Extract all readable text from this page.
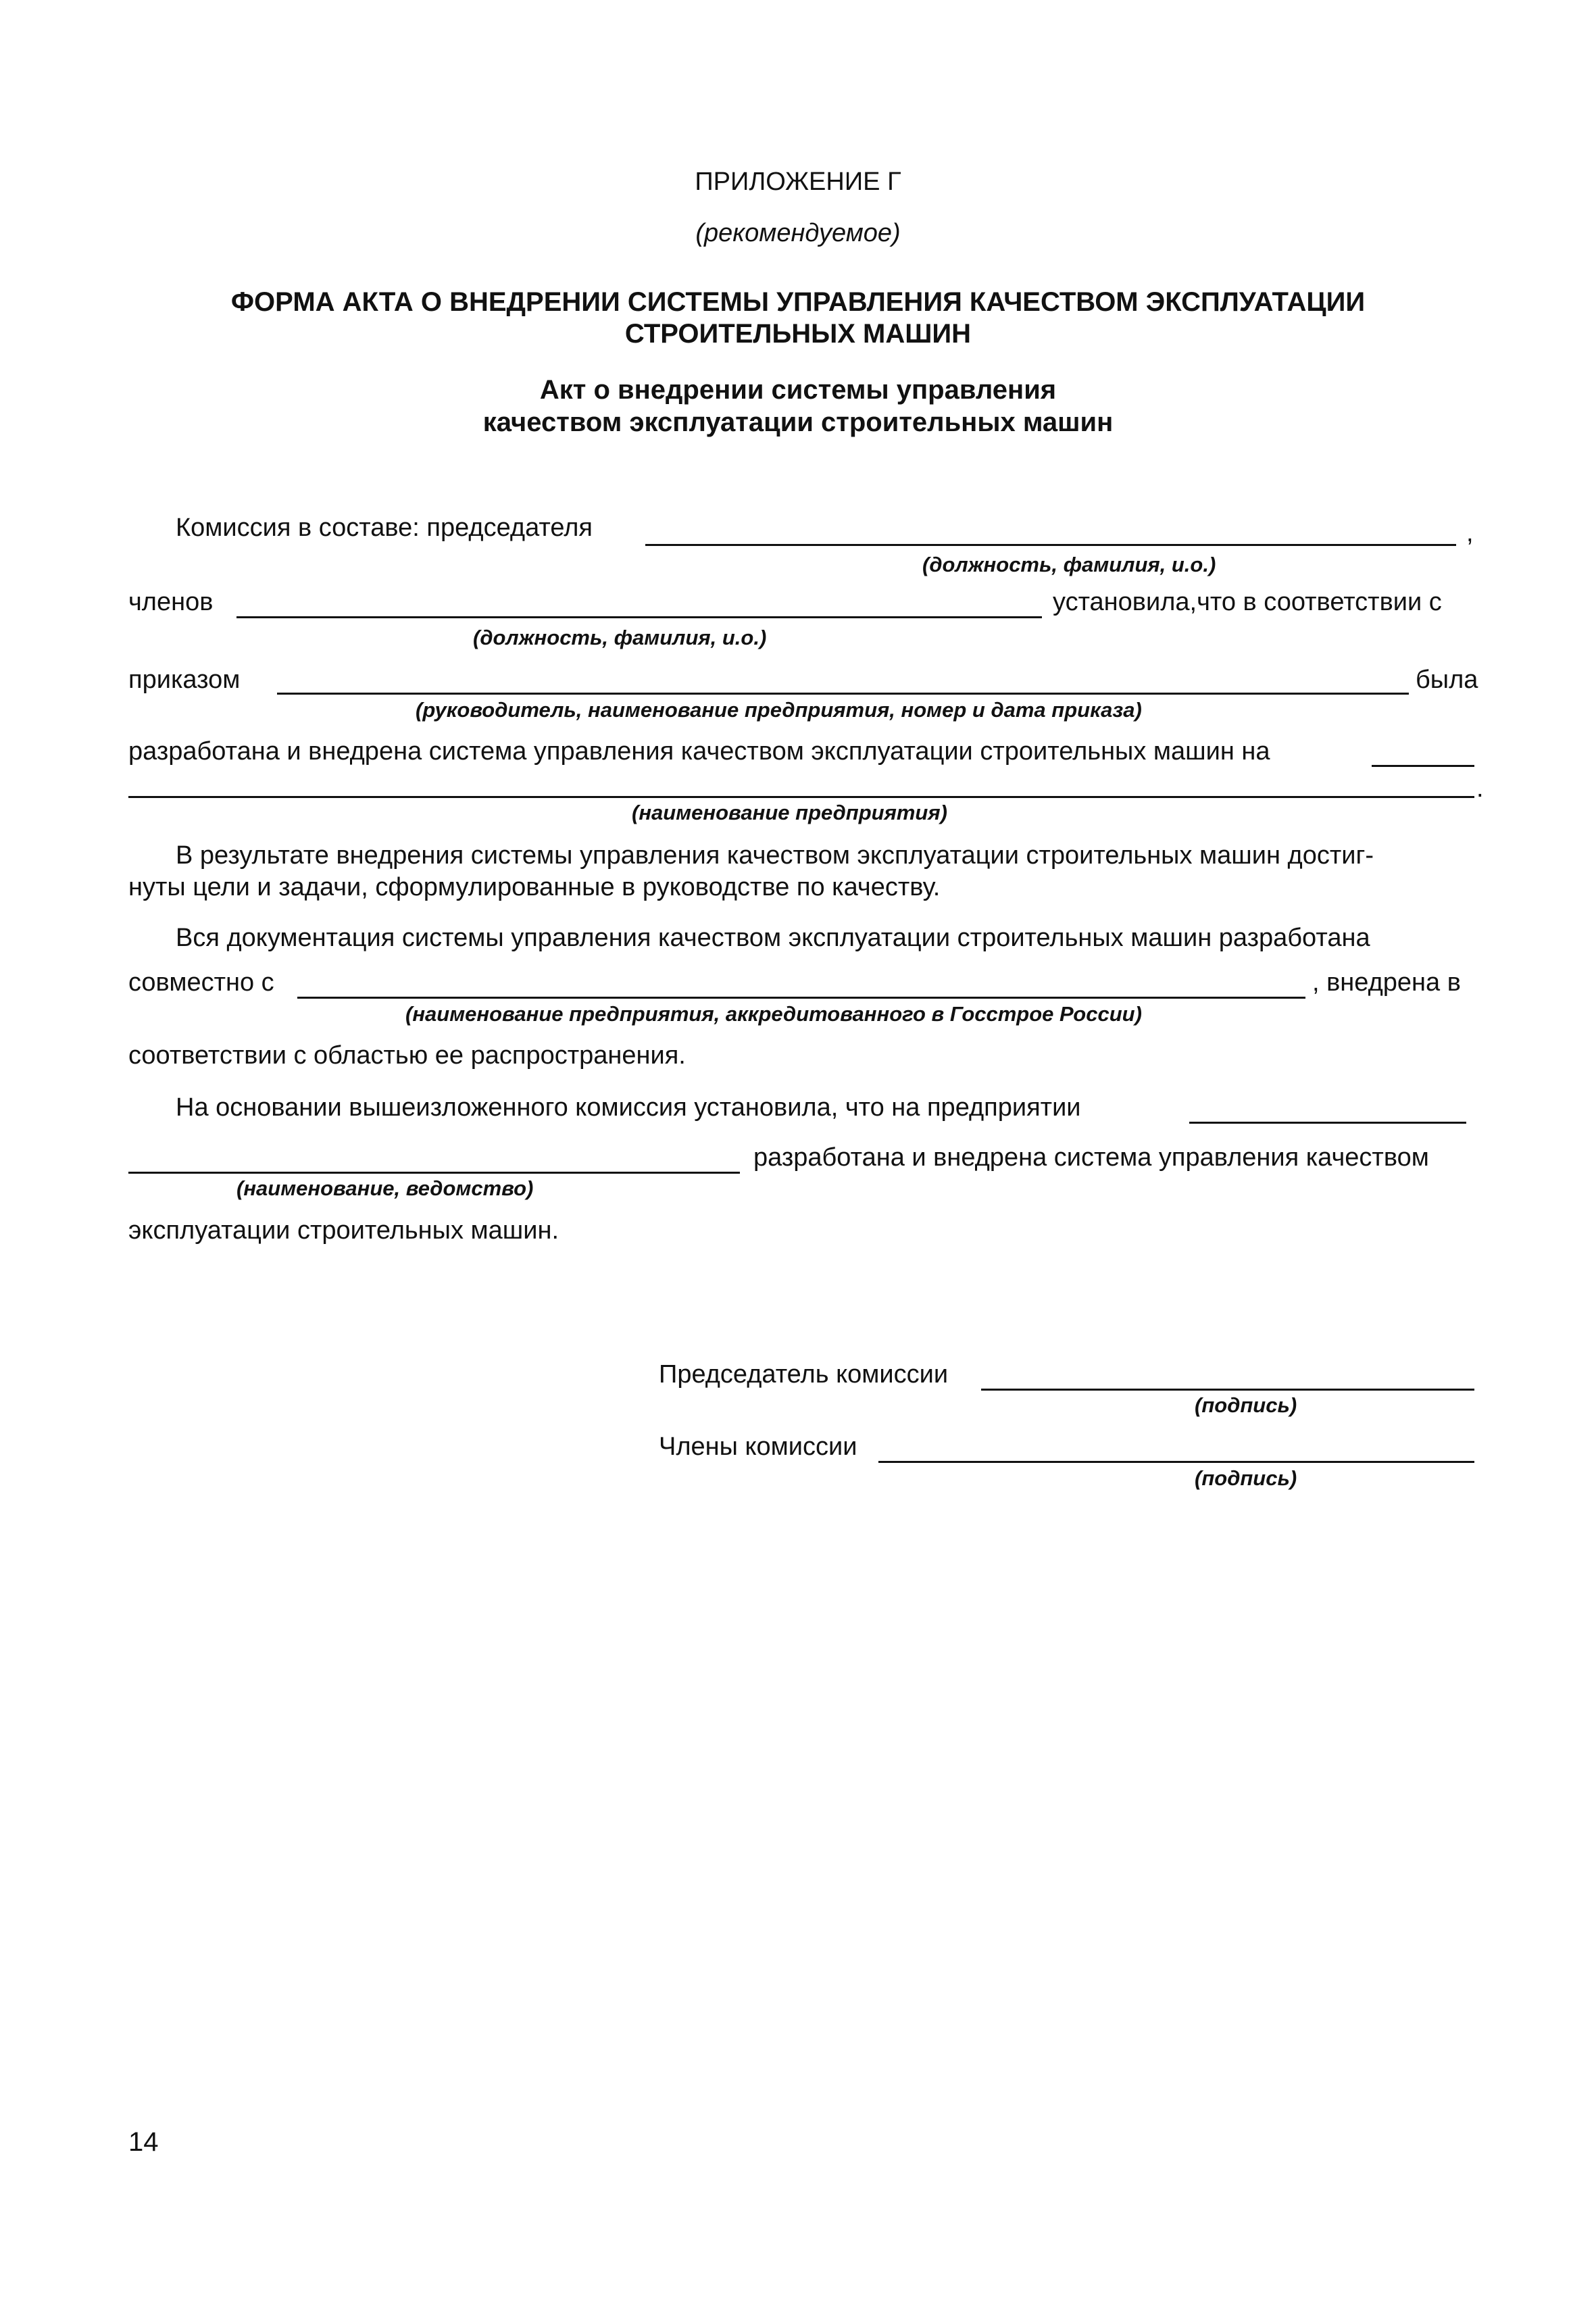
ПРИЛОЖЕНИЕ Г
(рекомендуемое)
ФОРМА АКТА О ВНЕДРЕНИИ СИСТЕМЫ УПРАВЛЕНИЯ КАЧЕСТВОМ ЭКСПЛУАТАЦИИ
СТРОИТЕЛЬНЫХ МАШИН
Акт о внедрении системы управления
качеством эксплуатации строительных машин
Комиссия в составе: председателя	,
(должность, фамилия, и.о.)
членов	установила,что в соответствии с
(должность, фамилия, и.о.)
приказом	была
(руководитель, наименование предприятия, номер и дата приказа)
разработана и внедрена система управления качеством эксплуатации строительных машин на
.
(наименование предприятия)
В результате внедрения системы управления качеством эксплуатации строительных машин достиг-
нуты цели и задачи, сформулированные в руководстве по качеству.
Вся документация системы управления качеством эксплуатации строительных машин разработана
совместно с	, внедрена в
(наименование предприятия, аккредитованного в Госстрое России)
соответствии с областью ее распространения.
На основании вышеизложенного комиссия установила, что на предприятии
разработана и внедрена система управления качеством
(наименование, ведомство)
эксплуатации строительных машин.
Председатель комиссии
(подпись)
Члены комиссии
(подпись)
14
